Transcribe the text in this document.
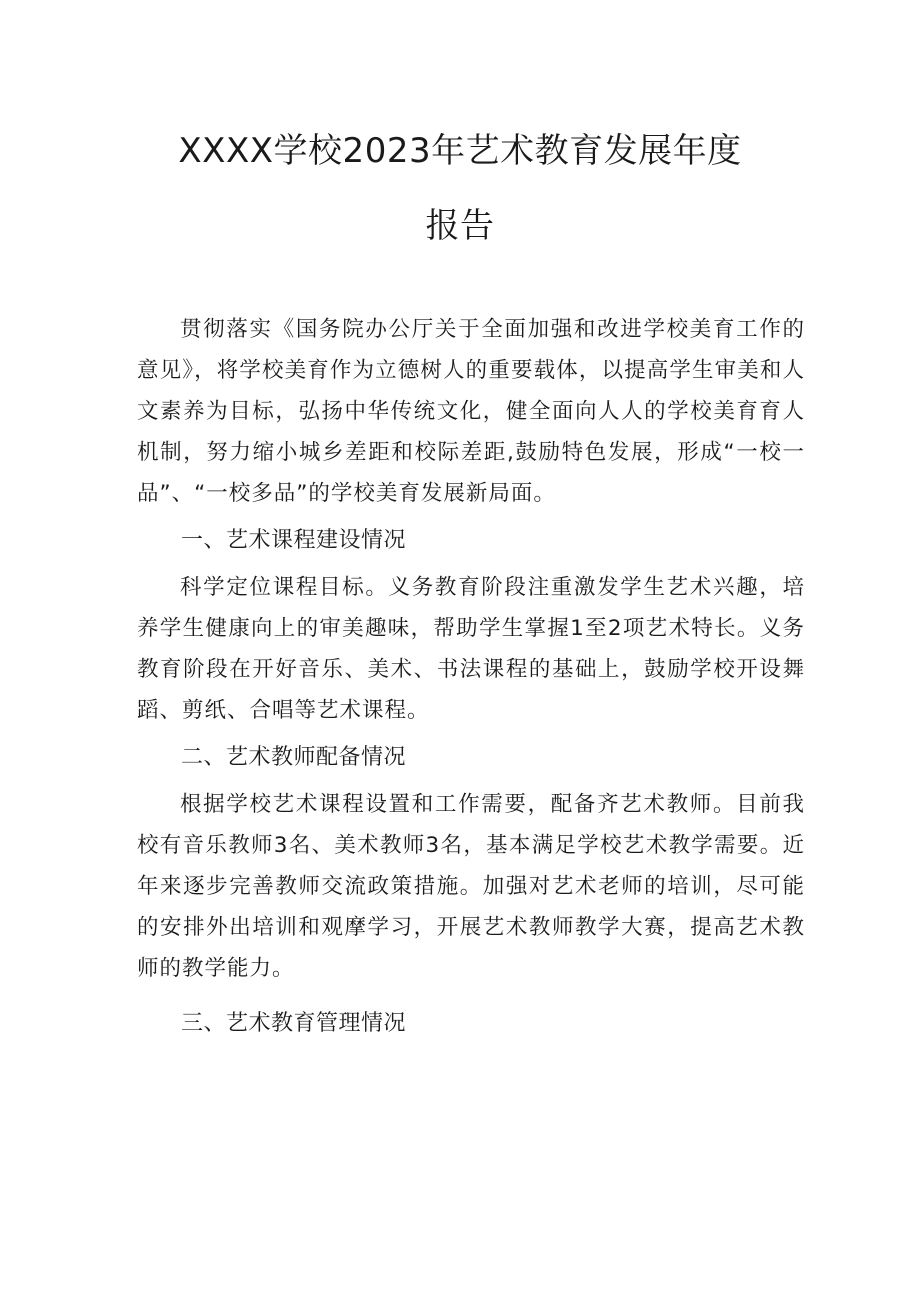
XXXX学校2023年艺术教育发展年度
报告

贯彻落实《国务院办公厅关于全面加强和改进学校美育工作的意见》，将学校美育作为立德树人的重要载体，以提高学生审美和人文素养为目标，弘扬中华传统文化，健全面向人人的学校美育育人机制，努力缩小城乡差距和校际差距,鼓励特色发展，形成“一校一品”、“一校多品”的学校美育发展新局面。

一、艺术课程建设情况

科学定位课程目标。义务教育阶段注重激发学生艺术兴趣，培养学生健康向上的审美趣味，帮助学生掌握1至2项艺术特长。义务教育阶段在开好音乐、美术、书法课程的基础上，鼓励学校开设舞蹈、剪纸、合唱等艺术课程。

二、艺术教师配备情况

根据学校艺术课程设置和工作需要，配备齐艺术教师。目前我校有音乐教师3名、美术教师3名，基本满足学校艺术教学需要。近年来逐步完善教师交流政策措施。加强对艺术老师的培训，尽可能的安排外出培训和观摩学习，开展艺术教师教学大赛，提高艺术教师的教学能力。

三、艺术教育管理情况
